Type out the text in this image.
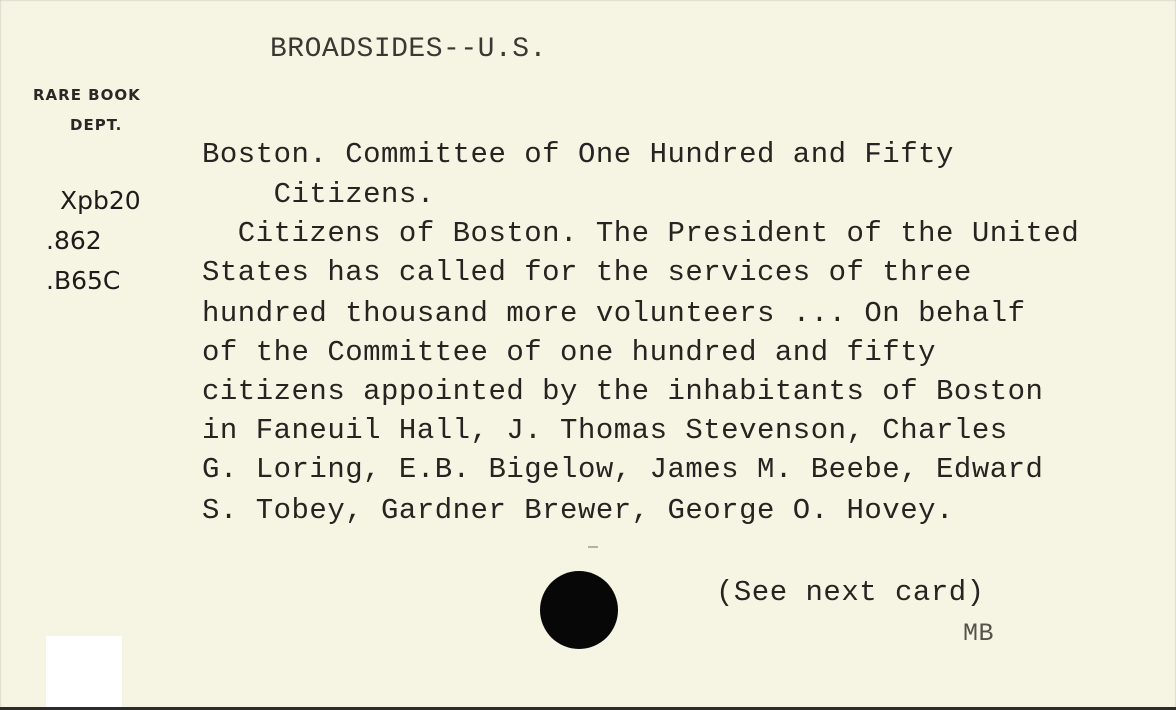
BROADSIDES--U.S.
RARE BOOK
DEPT.
Xpb20
.862
.B65C
Boston. Committee of One Hundred and Fifty
Citizens.
Citizens of Boston. The President of the United
States has called for the services of three
hundred thousand more volunteers ... On behalf
of the Committee of one hundred and fifty
citizens appointed by the inhabitants of Boston
in Faneuil Hall, J. Thomas Stevenson, Charles
G. Loring, E.B. Bigelow, James M. Beebe, Edward
S. Tobey, Gardner Brewer, George O. Hovey.
(See next card)
MB
